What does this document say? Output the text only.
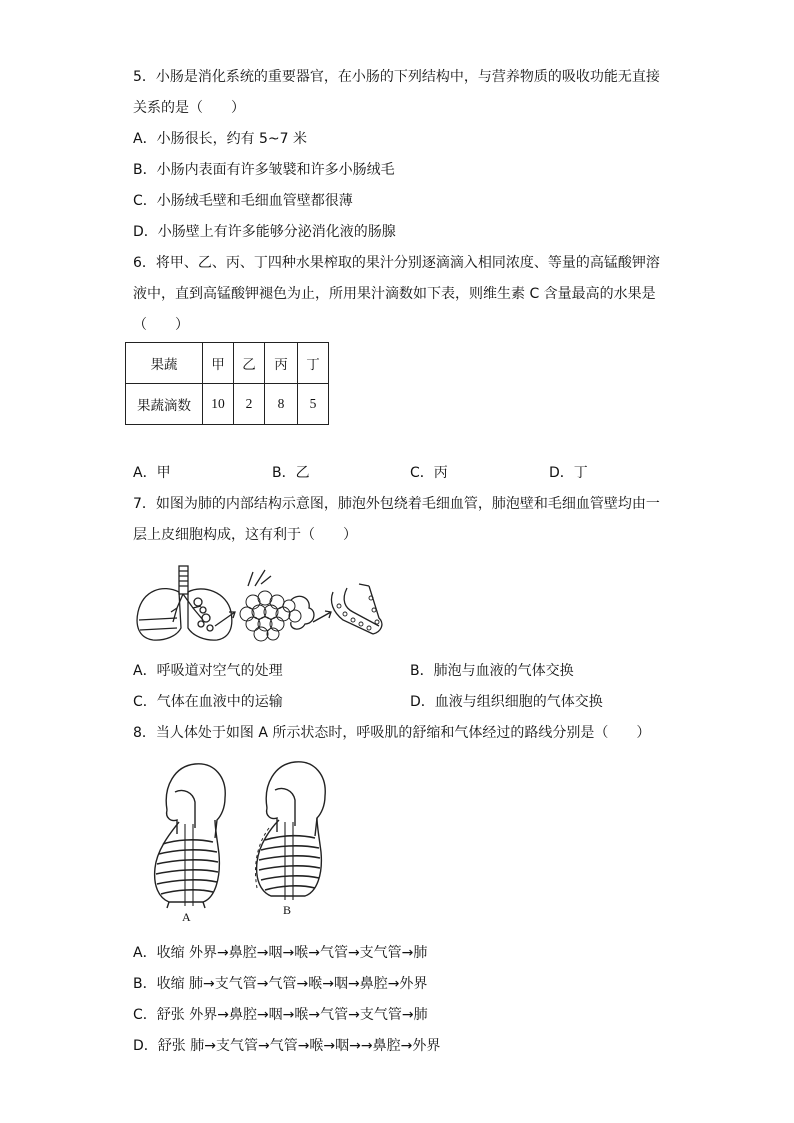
5．小肠是消化系统的重要器官，在小肠的下列结构中，与营养物质的吸收功能无直接
关系的是（　　）
A．小肠很长，约有 5~7 米
B．小肠内表面有许多皱襞和许多小肠绒毛
C．小肠绒毛壁和毛细血管壁都很薄
D．小肠壁上有许多能够分泌消化液的肠腺
6．将甲、乙、丙、丁四种水果榨取的果汁分别逐滴滴入相同浓度、等量的高锰酸钾溶
液中，直到高锰酸钾褪色为止，所用果汁滴数如下表，则维生素 C 含量最高的水果是
（　　）
果蔬	甲	乙	丙	丁
果蔬滴数	10	2	8	5
A．甲	B．乙	C．丙	D．丁
7．如图为肺的内部结构示意图，肺泡外包绕着毛细血管，肺泡壁和毛细血管壁均由一
层上皮细胞构成，这有利于（　　）
A．呼吸道对空气的处理	B．肺泡与血液的气体交换
C．气体在血液中的运输	D．血液与组织细胞的气体交换
8．当人体处于如图 A 所示状态时，呼吸肌的舒缩和气体经过的路线分别是（　　）
A	B
A．收缩 外界→鼻腔→咽→喉→气管→支气管→肺
B．收缩 肺→支气管→气管→喉→咽→鼻腔→外界
C．舒张 外界→鼻腔→咽→喉→气管→支气管→肺
D．舒张 肺→支气管→气管→喉→咽→→鼻腔→外界
